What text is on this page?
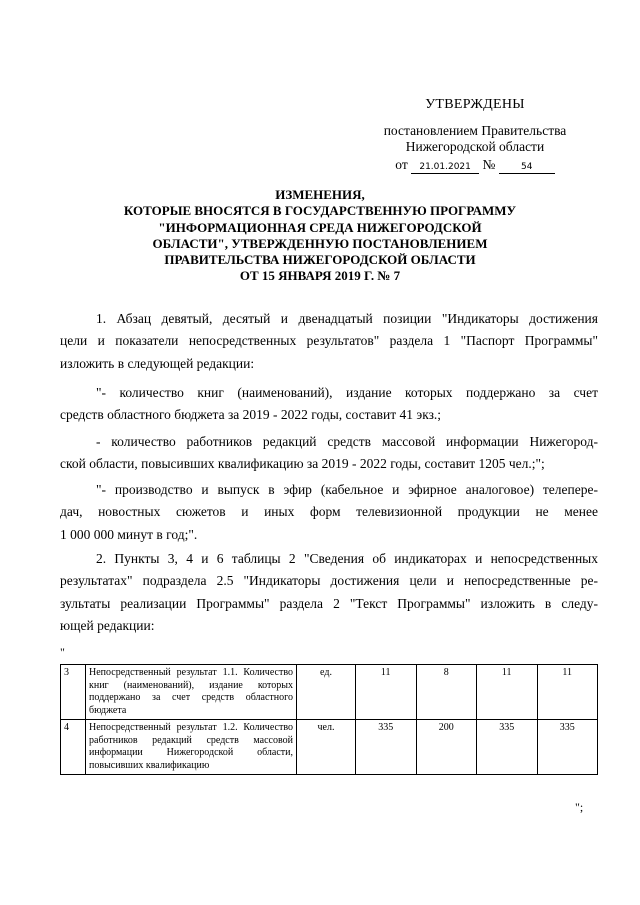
УТВЕРЖДЕНЫ
постановлением Правительства
Нижегородской области
от 21.01.2021 №	54
ИЗМЕНЕНИЯ,
КОТОРЫЕ ВНОСЯТСЯ В ГОСУДАРСТВЕННУЮ ПРОГРАММУ
"ИНФОРМАЦИОННАЯ СРЕДА НИЖЕГОРОДСКОЙ
ОБЛАСТИ", УТВЕРЖДЕННУЮ ПОСТАНОВЛЕНИЕМ
ПРАВИТЕЛЬСТВА НИЖЕГОРОДСКОЙ ОБЛАСТИ
ОТ 15 ЯНВАРЯ 2019 Г. № 7
1. Абзац девятый, десятый и двенадцатый позиции "Индикаторы достижения
цели и показатели непосредственных результатов" раздела 1 "Паспорт Программы"
изложить в следующей редакции:
"- количество книг (наименований), издание которых поддержано за счет
средств областного бюджета за 2019 - 2022 годы, составит 41 экз.;
- количество работников редакций средств массовой информации Нижегород-
ской области, повысивших квалификацию за 2019 - 2022 годы, составит 1205 чел.;";
"- производство и выпуск в эфир (кабельное и эфирное аналоговое) телепере-
дач, новостных сюжетов и иных форм телевизионной продукции не менее
1 000 000 минут в год;".
2. Пункты 3, 4 и 6 таблицы 2 "Сведения об индикаторах и непосредственных
результатах" подраздела 2.5 "Индикаторы достижения цели и непосредственные ре-
зультаты реализации Программы" раздела 2 "Текст Программы" изложить в следу-
ющей редакции:
"
3	Непосредственный результат 1.1. Количество книг (наименований), издание которых поддержано за счет средств областного бюджета	ед.	11	8	11	11
4	Непосредственный результат 1.2. Количество работников редакций средств массовой информации Нижегородской области, повысивших квалификацию	чел.	335	200	335	335
";
